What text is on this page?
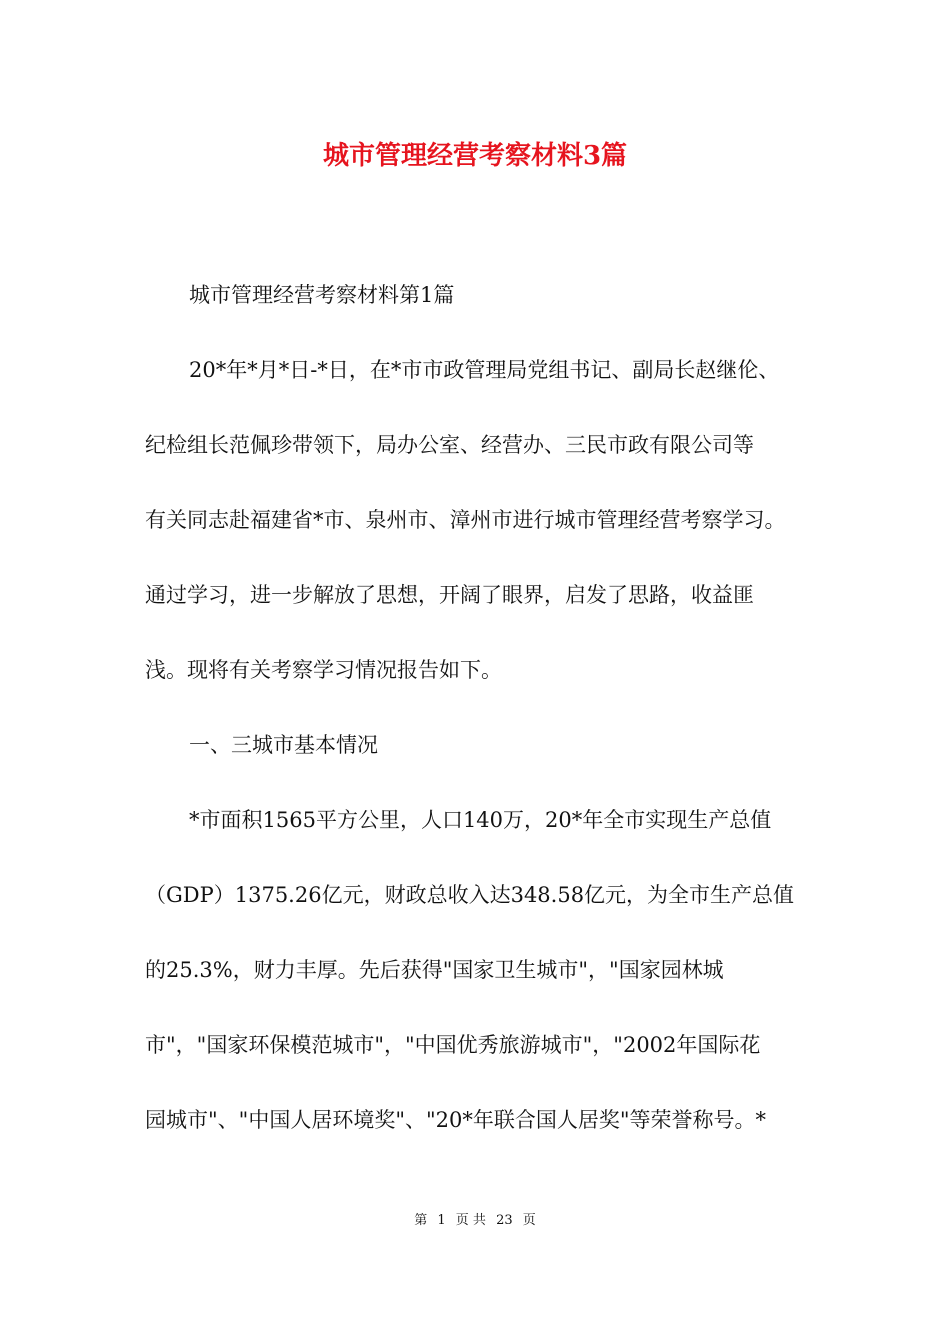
城市管理经营考察材料3篇
城市管理经营考察材料第1篇
20*年*月*日-*日，在*市市政管理局党组书记、副局长赵继伦、
纪检组长范佩珍带领下，局办公室、经营办、三民市政有限公司等
有关同志赴福建省*市、泉州市、漳州市进行城市管理经营考察学习。
通过学习，进一步解放了思想，开阔了眼界，启发了思路，收益匪
浅。现将有关考察学习情况报告如下。
一、三城市基本情况
*市面积1565平方公里，人口140万，20*年全市实现生产总值
（GDP）1375.26亿元，财政总收入达348.58亿元，为全市生产总值
的25.3%，财力丰厚。先后获得"国家卫生城市"，"国家园林城
市"，"国家环保模范城市"，"中国优秀旅游城市"，"2002年国际花
园城市"、"中国人居环境奖"、"20*年联合国人居奖"等荣誉称号。*
第 1 页 共 23 页
